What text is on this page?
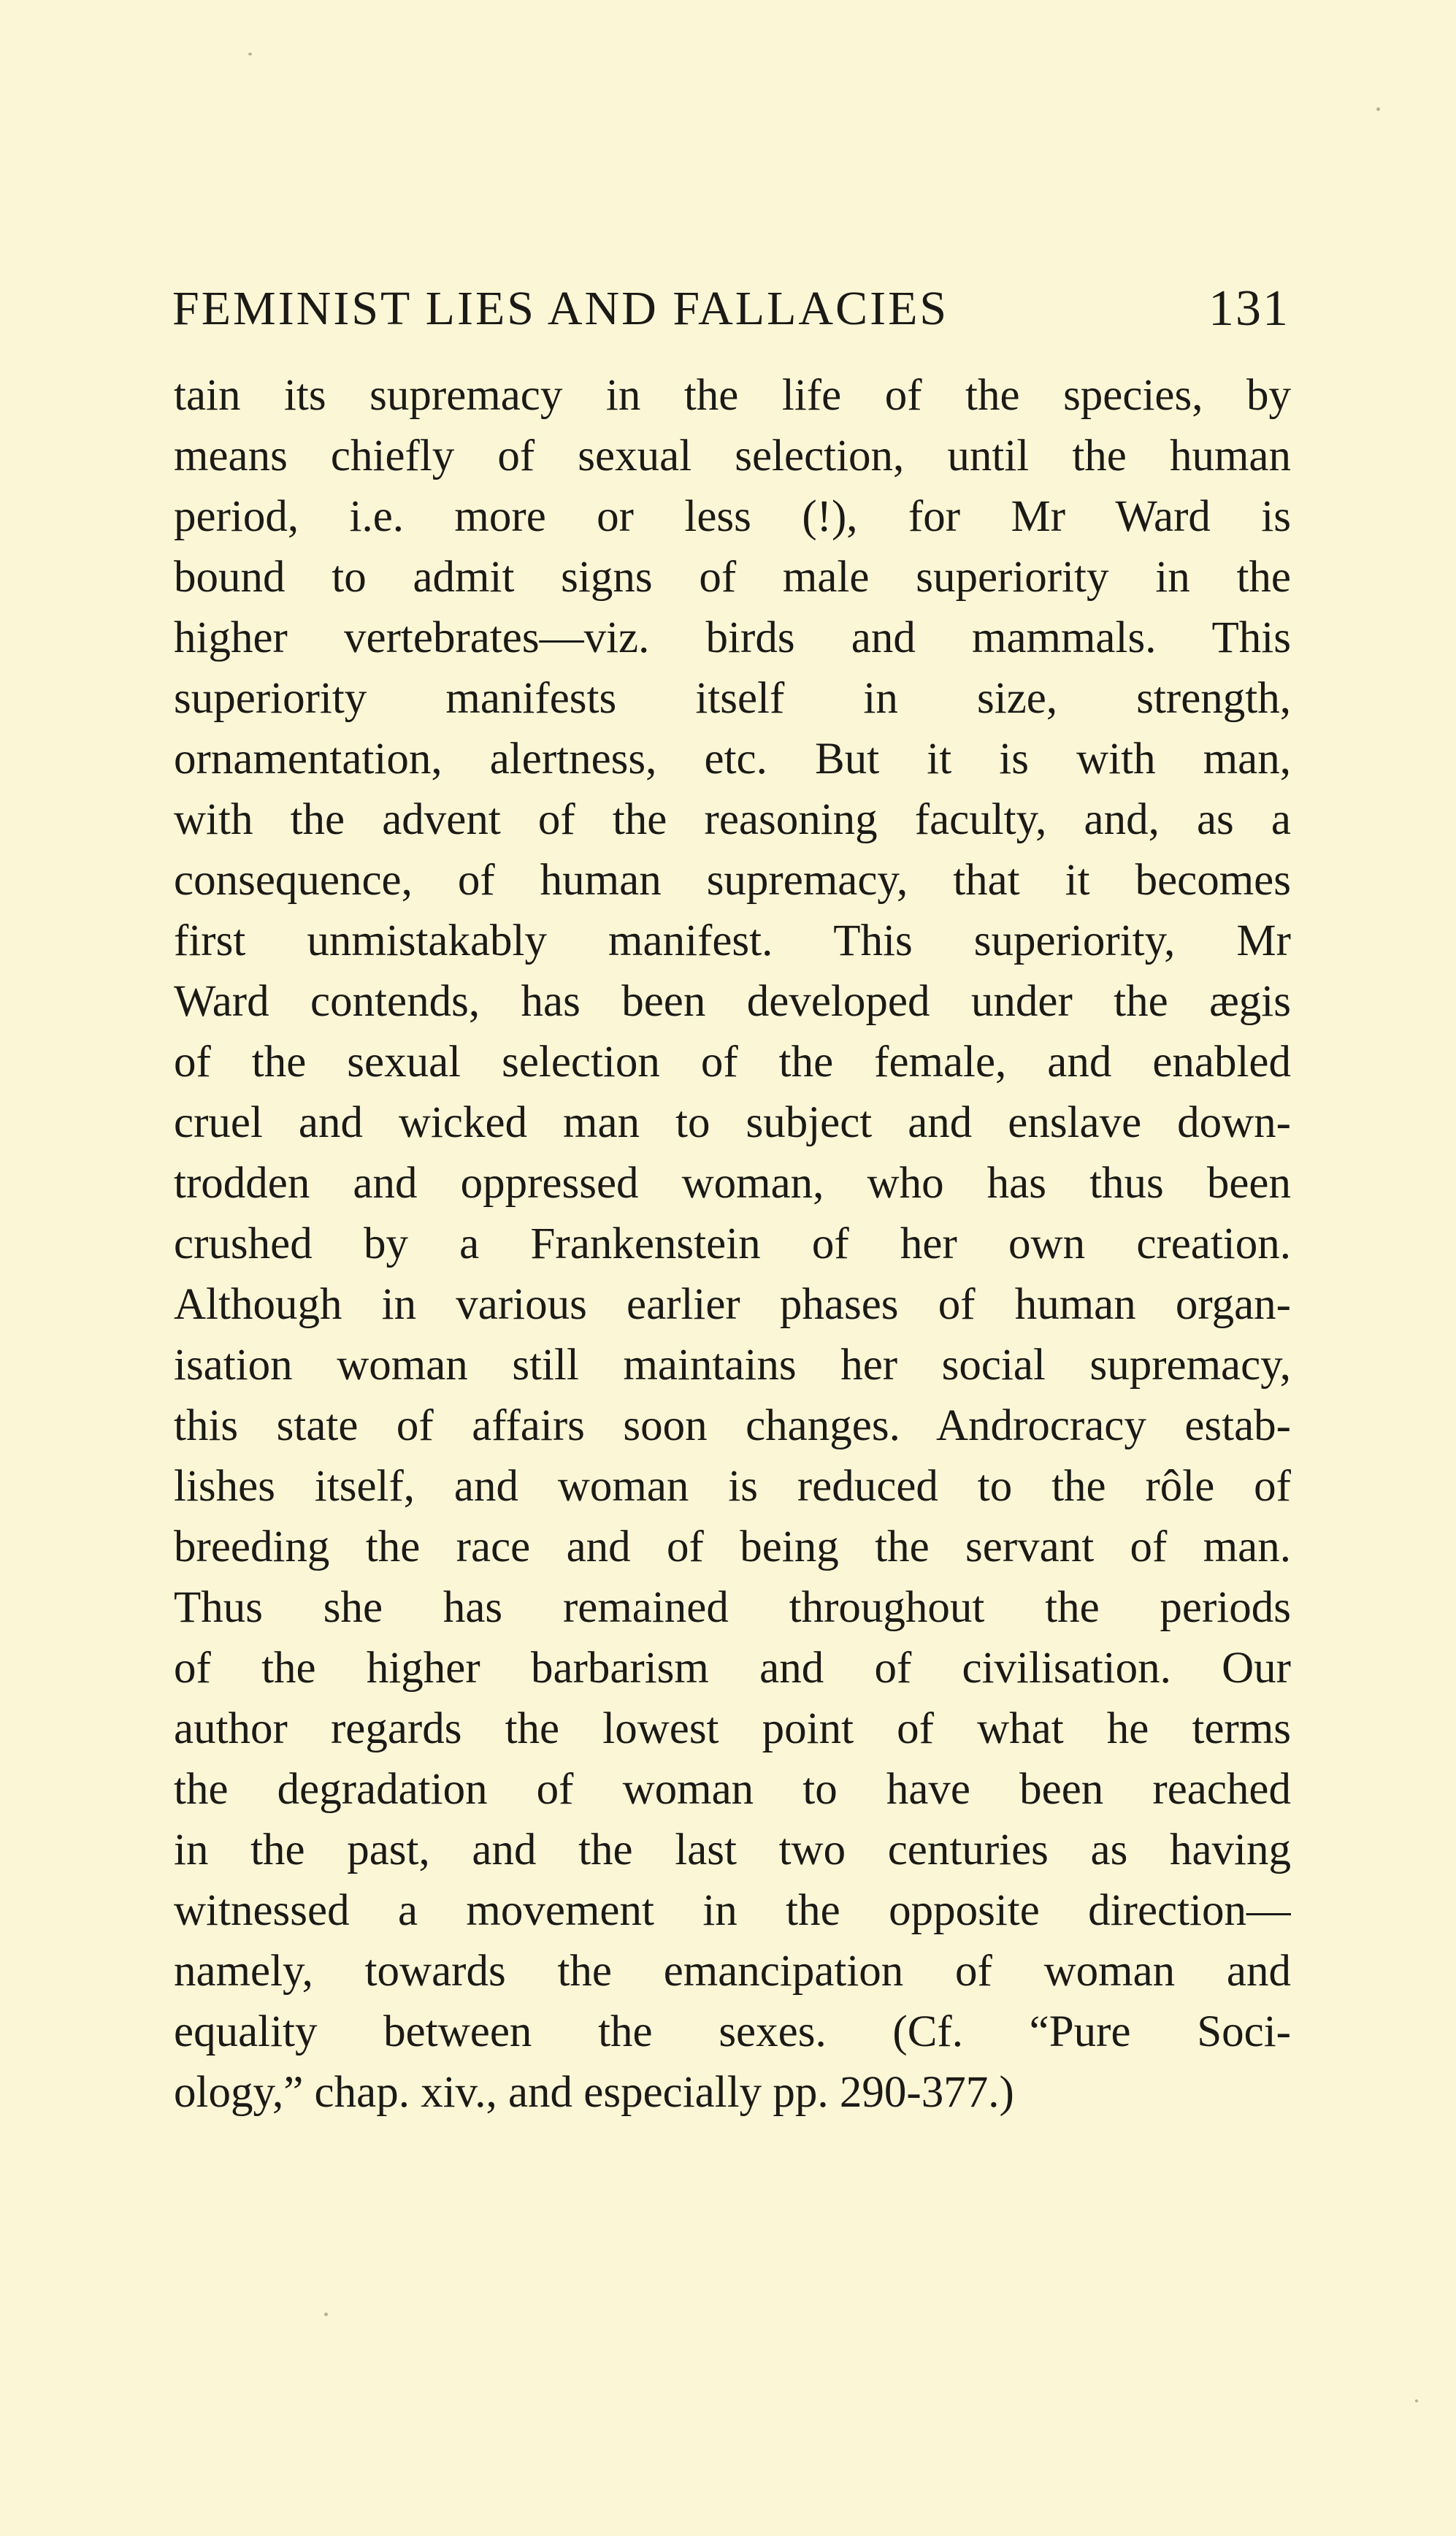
FEMINIST LIES AND FALLACIES	131
tain its supremacy in the life of the species, by
means chiefly of sexual selection, until the human
period, i.e. more or less (!), for Mr Ward is
bound to admit signs of male superiority in the
higher vertebrates—viz. birds and mammals. This
superiority manifests itself in size, strength,
ornamentation, alertness, etc. But it is with man,
with the advent of the reasoning faculty, and, as a
consequence, of human supremacy, that it becomes
first unmistakably manifest. This superiority, Mr
Ward contends, has been developed under the ægis
of the sexual selection of the female, and enabled
cruel and wicked man to subject and enslave down-
trodden and oppressed woman, who has thus been
crushed by a Frankenstein of her own creation.
Although in various earlier phases of human organ-
isation woman still maintains her social supremacy,
this state of affairs soon changes. Androcracy estab-
lishes itself, and woman is reduced to the rôle of
breeding the race and of being the servant of man.
Thus she has remained throughout the periods
of the higher barbarism and of civilisation. Our
author regards the lowest point of what he terms
the degradation of woman to have been reached
in the past, and the last two centuries as having
witnessed a movement in the opposite direction—
namely, towards the emancipation of woman and
equality between the sexes. (Cf. “Pure Soci-
ology,” chap. xiv., and especially pp. 290-377.)
